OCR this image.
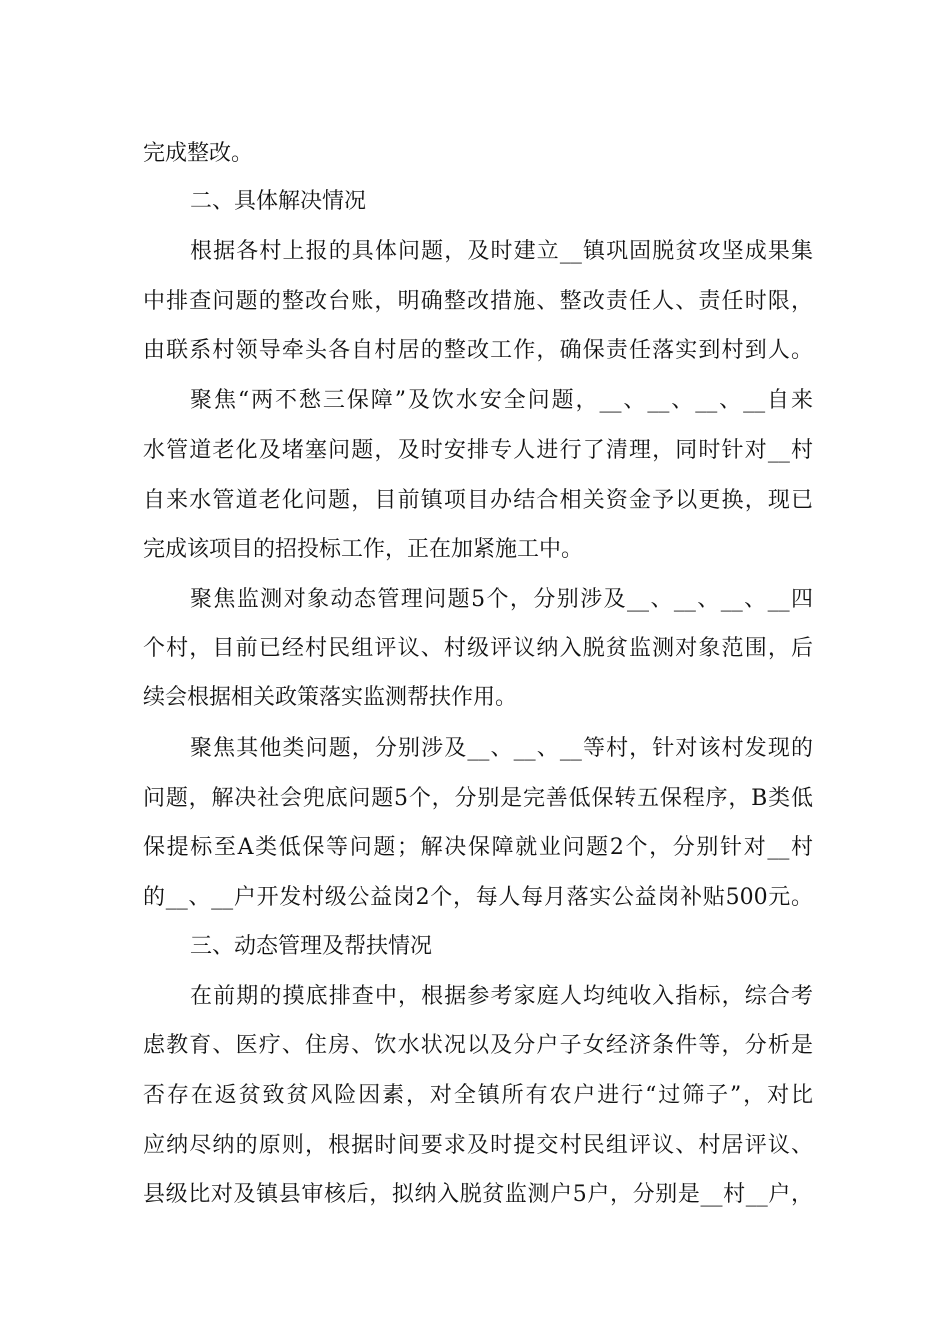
完成整改。
二、具体解决情况
根据各村上报的具体问题，及时建立__镇巩固脱贫攻坚成果集
中排查问题的整改台账，明确整改措施、整改责任人、责任时限，
由联系村领导牵头各自村居的整改工作，确保责任落实到村到人。
聚焦“两不愁三保障”及饮水安全问题，__、__、__、__自来
水管道老化及堵塞问题，及时安排专人进行了清理，同时针对__村
自来水管道老化问题，目前镇项目办结合相关资金予以更换，现已
完成该项目的招投标工作，正在加紧施工中。
聚焦监测对象动态管理问题5个，分别涉及__、__、__、__四
个村，目前已经村民组评议、村级评议纳入脱贫监测对象范围，后
续会根据相关政策落实监测帮扶作用。
聚焦其他类问题，分别涉及__、__、__等村，针对该村发现的
问题，解决社会兜底问题5个，分别是完善低保转五保程序，B类低
保提标至A类低保等问题；解决保障就业问题2个，分别针对__村
的__、__户开发村级公益岗2个，每人每月落实公益岗补贴500元。
三、动态管理及帮扶情况
在前期的摸底排查中，根据参考家庭人均纯收入指标，综合考
虑教育、医疗、住房、饮水状况以及分户子女经济条件等，分析是
否存在返贫致贫风险因素，对全镇所有农户进行“过筛子”，对比
应纳尽纳的原则，根据时间要求及时提交村民组评议、村居评议、
县级比对及镇县审核后，拟纳入脱贫监测户5户，分别是__村__户，
